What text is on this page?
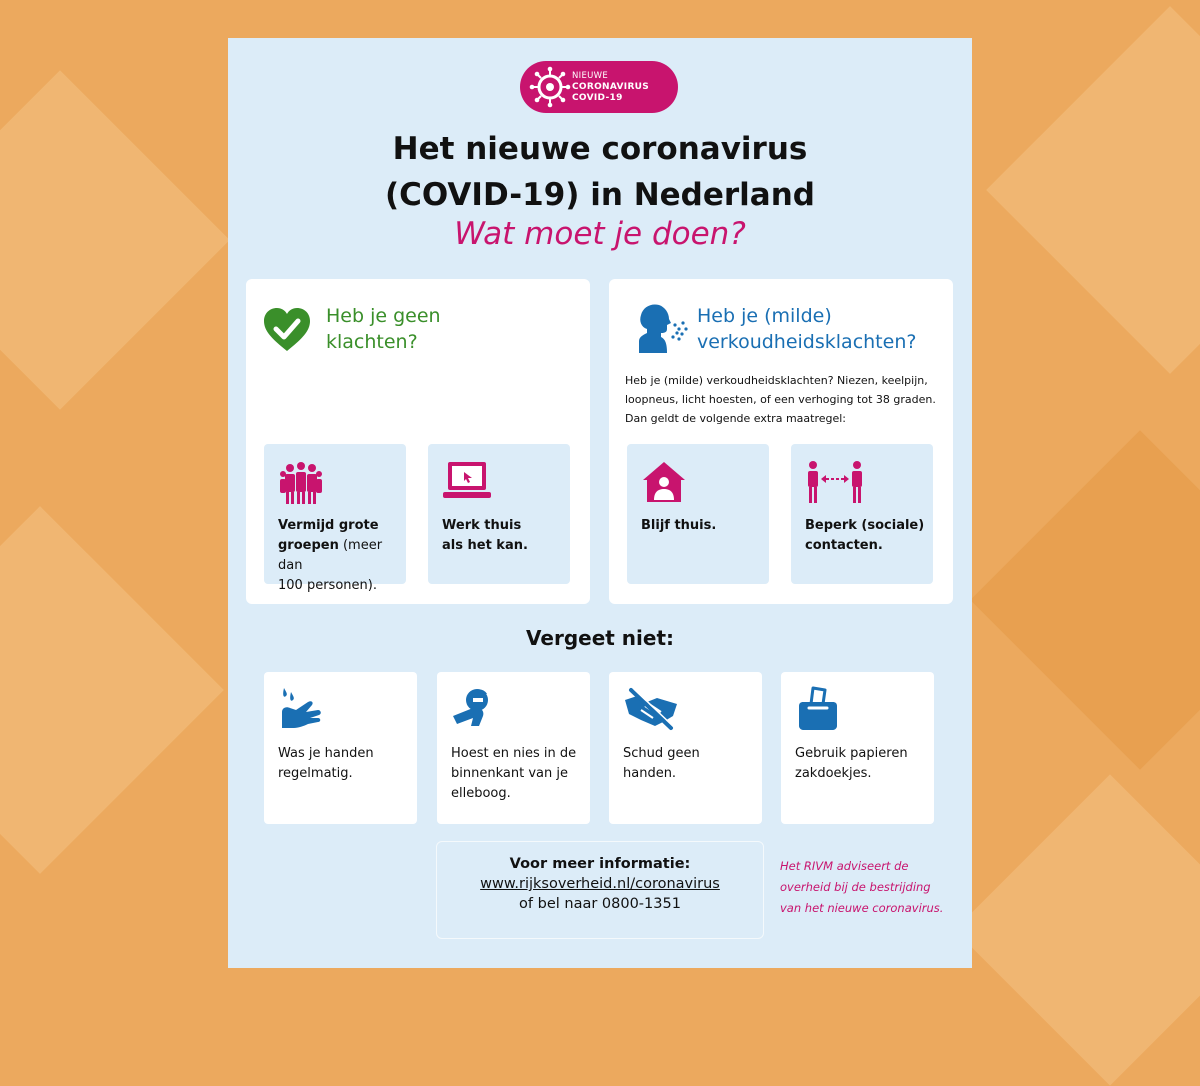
NIEUWE
CORONAVIRUS
COVID-19
Het nieuwe coronavirus
(COVID-19) in Nederland
Wat moet je doen?
Heb je geen
klachten?
Vermijd grote
groepen (meer dan
100 personen).
Werk thuis
als het kan.
Heb je (milde)
verkoudheidsklachten?
Heb je (milde) verkoudheidsklachten? Niezen, keelpijn,
loopneus, licht hoesten, of een verhoging tot 38 graden.
Dan geldt de volgende extra maatregel:
Blijf thuis.	Beperk (sociale)
contacten.
Vergeet niet:
Was je handen
regelmatig.
Hoest en nies in de
binnenkant van je
elleboog.
Schud geen handen.
Gebruik papieren
zakdoekjes.
Voor meer informatie:
www.rijksoverheid.nl/coronavirus
of bel naar 0800-1351
Het RIVM adviseert de
overheid bij de bestrijding
van het nieuwe coronavirus.
